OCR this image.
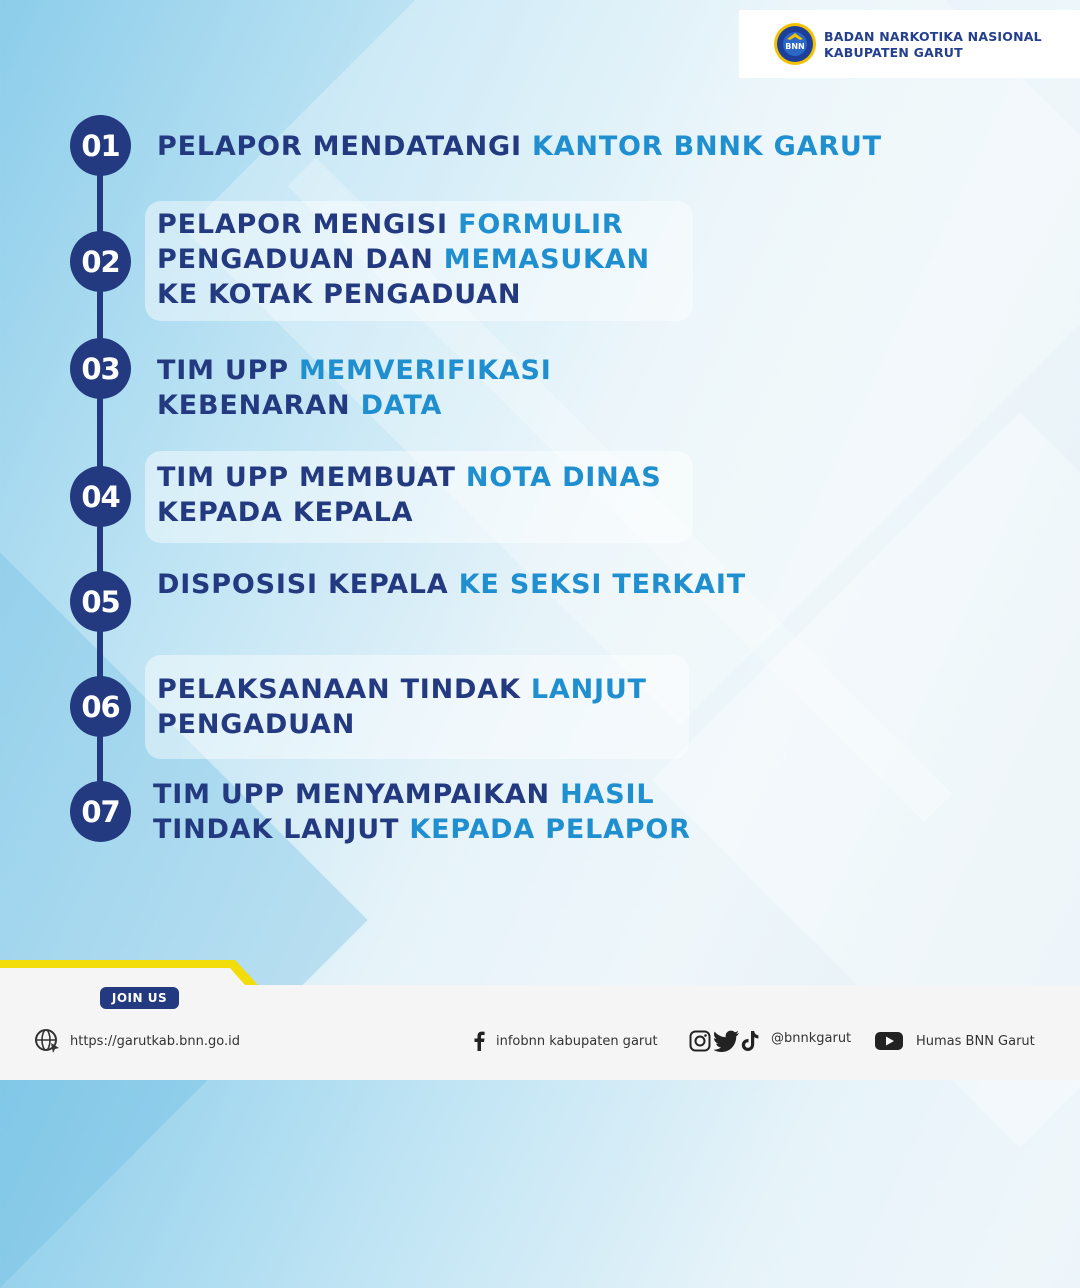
BNN
BADAN NARKOTIKA NASIONAL
KABUPATEN GARUT
01
02
03
04
05
06
07
PELAPOR MENDATANGI KANTOR BNNK GARUT
PELAPOR MENGISI FORMULIR
PENGADUAN DAN MEMASUKAN
KE KOTAK PENGADUAN
TIM UPP MEMVERIFIKASI
KEBENARAN DATA
TIM UPP MEMBUAT NOTA DINAS
KEPADA KEPALA
DISPOSISI KEPALA KE SEKSI TERKAIT
PELAKSANAAN TINDAK LANJUT
PENGADUAN
TIM UPP MENYAMPAIKAN HASIL
TINDAK LANJUT KEPADA PELAPOR
JOIN US
https://garutkab.bnn.go.id	infobnn kabupaten garut	@bnnkgarut	Humas BNN Garut
